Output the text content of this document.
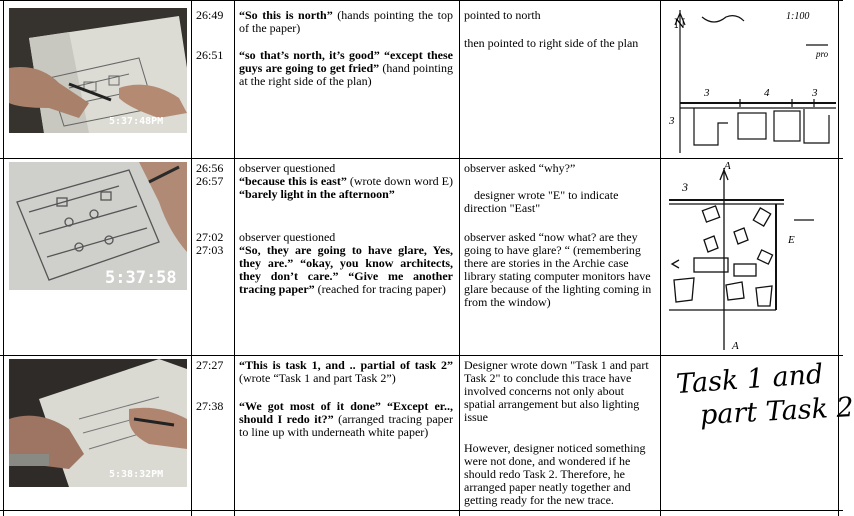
5:37:48PM
26:49
26:51
“So this is north” (hands pointing the top of the paper)
“so that’s north, it’s good” “except these guys are going to get fried” (hand pointing at the right side of the plan)
pointed to north
then pointed to right side of the plan
N
1:100
3	4	3
3
pro
5:37:58
26:56
26:57
27:02
27:03
observer questioned
“because this is east” (wrote down word E) “barely light in the afternoon”
observer questioned
“So, they are going to have glare, Yes, they are.” “okay, you know architects, they don’t care.” “Give me another tracing paper” (reached for tracing paper)
observer asked “why?”
designer wrote "E" to indicate direction "East"
observer asked “now what? are they going to have glare? “ (remembering there are stories in the Archie case library stating computer monitors have glare because of the lighting coming in from the window)
A
3
E
A
5:38:32PM
27:27
27:38
“This is task 1, and .. partial of task 2” (wrote “Task 1 and part Task 2”)
“We got most of it done” “Except er.., should I redo it?” (arranged tracing paper to line up with underneath white paper)
Designer wrote down "Task 1 and part Task 2" to conclude this trace have involved concerns not only about spatial arrangement but also lighting issue
However, designer noticed something were not done, and wondered if he should redo Task 2. Therefore, he arranged paper neatly together and getting ready for the new trace.
Task 1 and
part Task 2
